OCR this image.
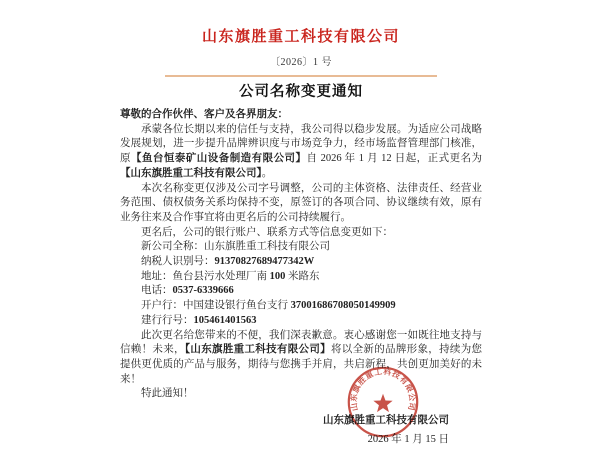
山东旗胜重工科技有限公司
〔2026〕1 号
公司名称变更通知

尊敬的合作伙伴、客户及各界朋友：

承蒙各位长期以来的信任与支持，我公司得以稳步发展。为适应公司战略发展规划，进一步提升品牌辨识度与市场竞争力，经市场监督管理部门核准，原【鱼台恒泰矿山设备制造有限公司】自 2026 年 1 月 12 日起，正式更名为【山东旗胜重工科技有限公司】。

本次名称变更仅涉及公司字号调整，公司的主体资格、法律责任、经营业务范围、债权债务关系均保持不变，原签订的各项合同、协议继续有效，原有业务往来及合作事宜将由更名后的公司持续履行。

更名后，公司的银行账户、联系方式等信息变更如下：

新公司全称：山东旗胜重工科技有限公司

纳税人识别号：91370827689477342W

地址：鱼台县污水处理厂南 100 米路东

电话：0537-6339666

开户行：中国建设银行鱼台支行 37001686708050149909

建行行号：105461401563

此次更名给您带来的不便，我们深表歉意。衷心感谢您一如既往地支持与信赖！未来，【山东旗胜重工科技有限公司】将以全新的品牌形象，持续为您提供更优质的产品与服务，期待与您携手并肩，共启新程，共创更加美好的未来！

特此通知！

山东旗胜重工科技有限公司
2026 年 1 月 15 日
山东旗胜重工科技有限公司
